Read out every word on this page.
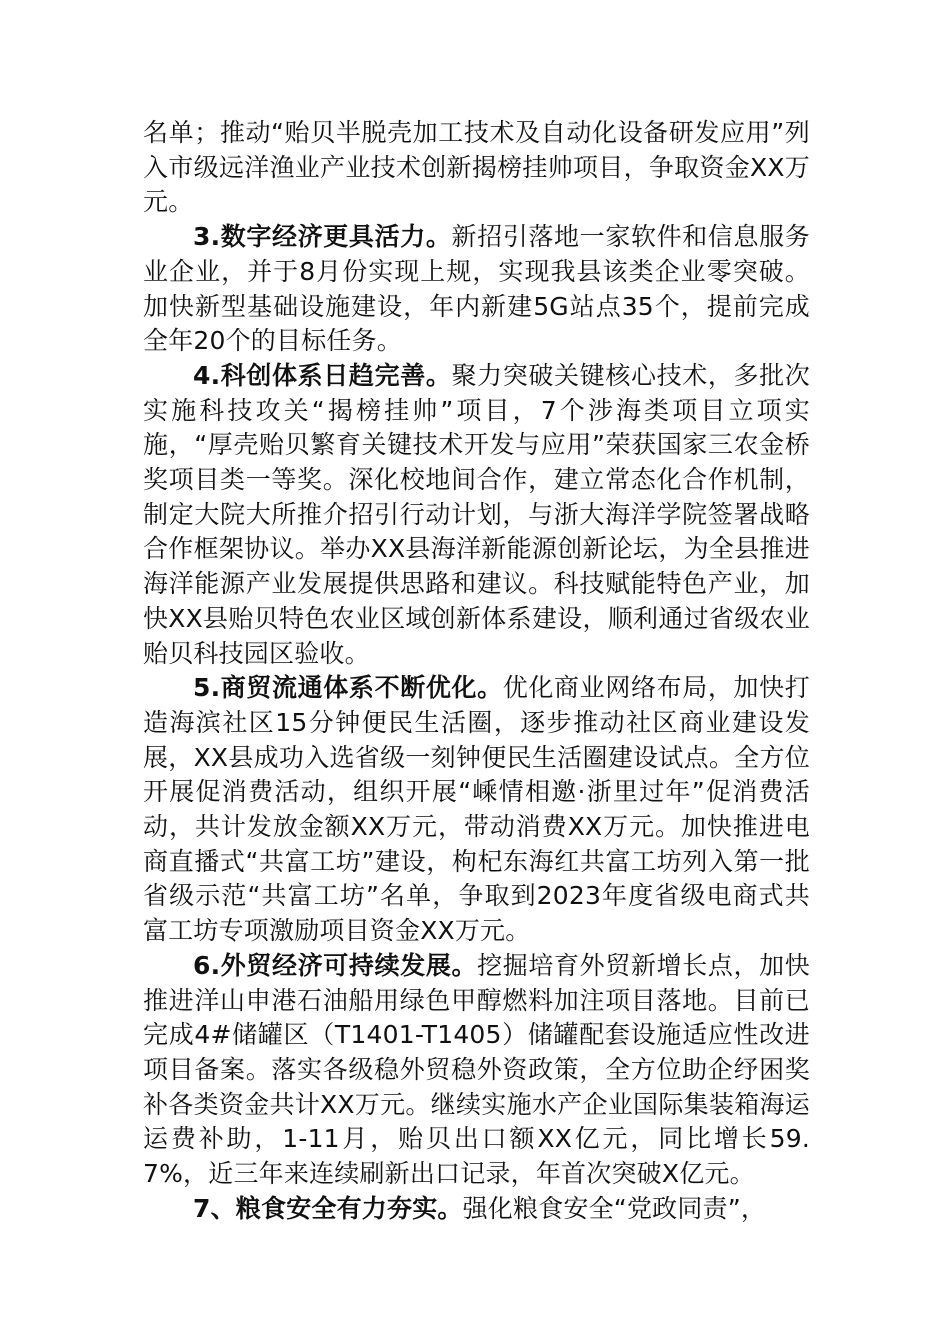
名单；推动“贻贝半脱壳加工技术及自动化设备研发应用”列入市级远洋渔业产业技术创新揭榜挂帅项目，争取资金XX万元。

3.数字经济更具活力。新招引落地一家软件和信息服务业企业，并于8月份实现上规，实现我县该类企业零突破。加快新型基础设施建设，年内新建5G站点35个，提前完成全年20个的目标任务。

4.科创体系日趋完善。聚力突破关键核心技术，多批次实施科技攻关“揭榜挂帅”项目，7个涉海类项目立项实施，“厚壳贻贝繁育关键技术开发与应用”荣获国家三农金桥奖项目类一等奖。深化校地间合作，建立常态化合作机制，制定大院大所推介招引行动计划，与浙大海洋学院签署战略合作框架协议。举办XX县海洋新能源创新论坛，为全县推进海洋能源产业发展提供思路和建议。科技赋能特色产业，加快XX县贻贝特色农业区域创新体系建设，顺利通过省级农业贻贝科技园区验收。

5.商贸流通体系不断优化。优化商业网络布局，加快打造海滨社区15分钟便民生活圈，逐步推动社区商业建设发展，XX县成功入选省级一刻钟便民生活圈建设试点。全方位开展促消费活动，组织开展“嵊情相邀·浙里过年”促消费活动，共计发放金额XX万元，带动消费XX万元。加快推进电商直播式“共富工坊”建设，枸杞东海红共富工坊列入第一批省级示范“共富工坊”名单，争取到2023年度省级电商式共富工坊专项激励项目资金XX万元。

6.外贸经济可持续发展。挖掘培育外贸新增长点，加快推进洋山申港石油船用绿色甲醇燃料加注项目落地。目前已完成4#储罐区（T1401-T1405）储罐配套设施适应性改进项目备案。落实各级稳外贸稳外资政策，全方位助企纾困奖补各类资金共计XX万元。继续实施水产企业国际集装箱海运运费补助，1-11月，贻贝出口额XX亿元，同比增长59.7%，近三年来连续刷新出口记录，年首次突破X亿元。

7、粮食安全有力夯实。强化粮食安全“党政同责”，
